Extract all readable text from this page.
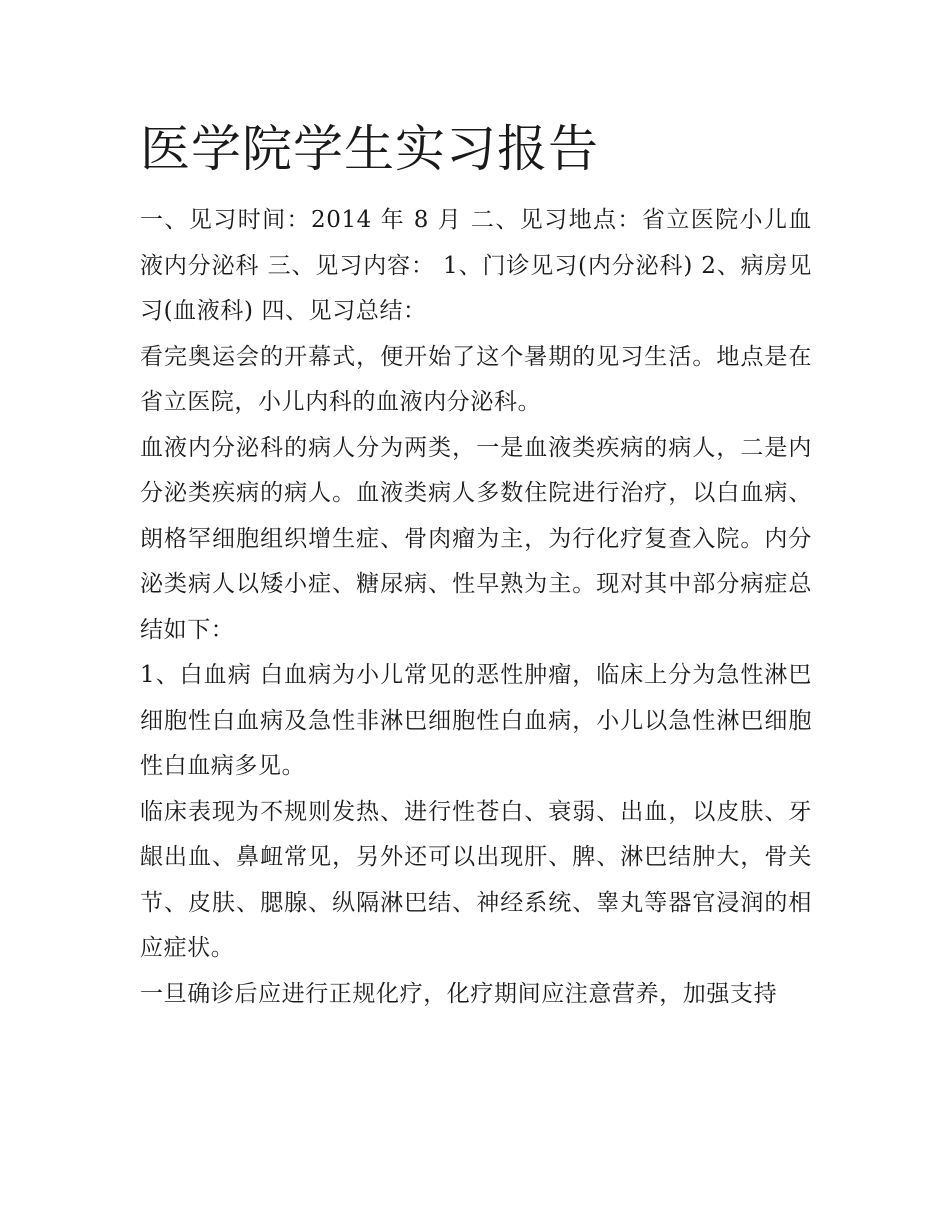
医学院学生实习报告

一、见习时间：2014 年 8 月 二、见习地点：省立医院小儿血液内分泌科 三、见习内容： 1、门诊见习(内分泌科) 2、病房见习(血液科) 四、见习总结：

看完奥运会的开幕式，便开始了这个暑期的见习生活。地点是在省立医院，小儿内科的血液内分泌科。

血液内分泌科的病人分为两类，一是血液类疾病的病人，二是内分泌类疾病的病人。血液类病人多数住院进行治疗，以白血病、朗格罕细胞组织增生症、骨肉瘤为主，为行化疗复查入院。内分泌类病人以矮小症、糖尿病、性早熟为主。现对其中部分病症总结如下：

1、白血病 白血病为小儿常见的恶性肿瘤，临床上分为急性淋巴细胞性白血病及急性非淋巴细胞性白血病，小儿以急性淋巴细胞性白血病多见。

临床表现为不规则发热、进行性苍白、衰弱、出血，以皮肤、牙龈出血、鼻衄常见，另外还可以出现肝、脾、淋巴结肿大，骨关节、皮肤、腮腺、纵隔淋巴结、神经系统、睾丸等器官浸润的相应症状。

一旦确诊后应进行正规化疗，化疗期间应注意营养，加强支持
